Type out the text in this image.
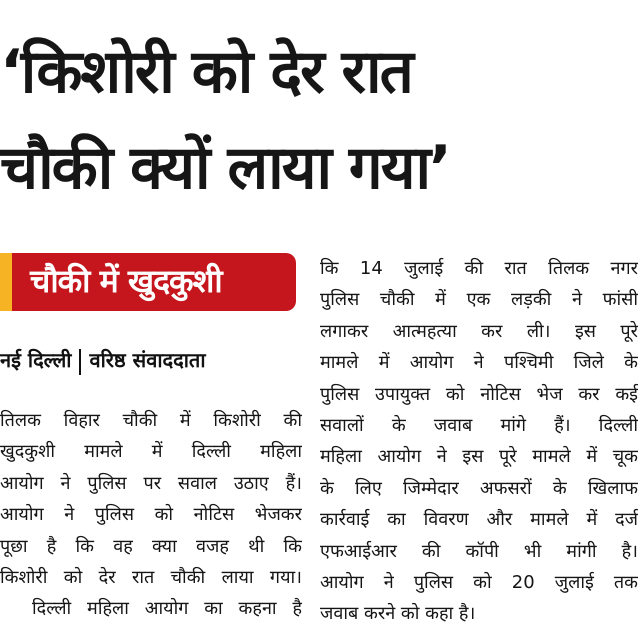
‘किशोरी को देर रात
चौकी क्यों लाया गया’
चौकी में खुदकुशी
नई दिल्ली वरिष्ठ संवाददाता
तिलक विहार चौकी में किशोरी की
खुदकुशी मामले में दिल्ली महिला
आयोग ने पुलिस पर सवाल उठाए हैं।
आयोग ने पुलिस को नोटिस भेजकर
पूछा है कि वह क्या वजह थी कि
किशोरी को देर रात चौकी लाया गया।
दिल्ली महिला आयोग का कहना है
कि 14 जुलाई की रात तिलक नगर
पुलिस चौकी में एक लड़की ने फांसी
लगाकर आत्महत्या कर ली। इस पूरे
मामले में आयोग ने पश्चिमी जिले के
पुलिस उपायुक्त को नोटिस भेज कर कई
सवालों के जवाब मांगे हैं। दिल्ली
महिला आयोग ने इस पूरे मामले में चूक
के लिए जिम्मेदार अफसरों के खिलाफ
कार्रवाई का विवरण और मामले में दर्ज
एफआईआर की कॉपी भी मांगी है।
आयोग ने पुलिस को 20 जुलाई तक
जवाब करने को कहा है।
